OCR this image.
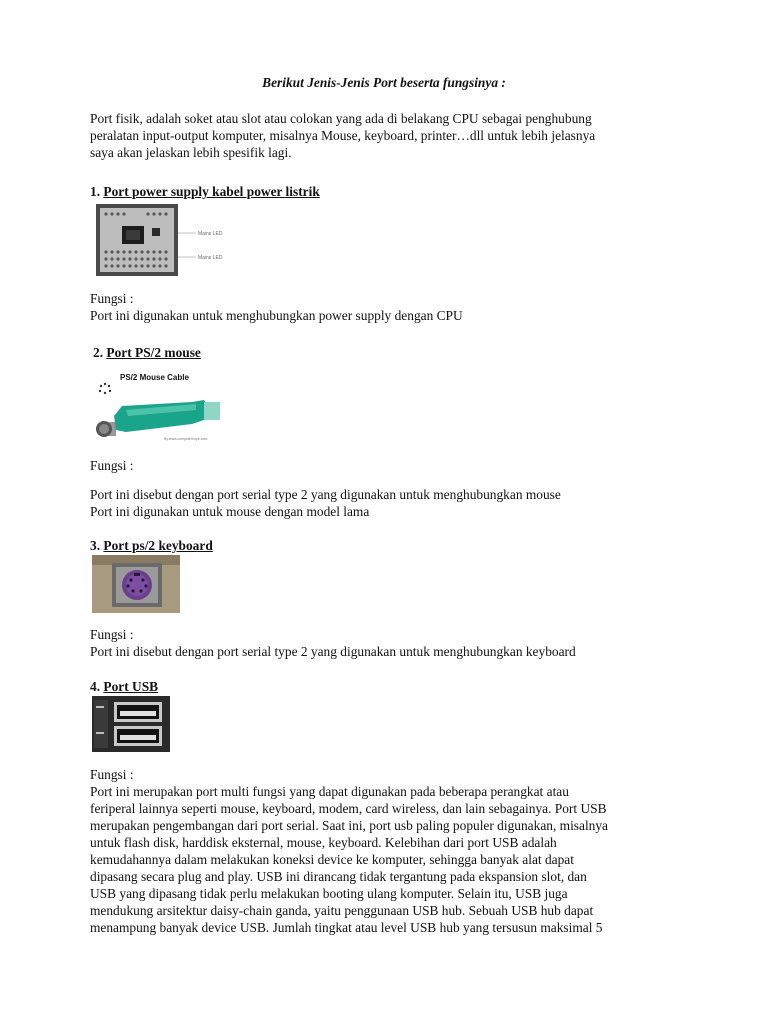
Berikut Jenis-Jenis Port beserta fungsinya :
Port fisik, adalah soket atau slot atau colokan yang ada di belakang CPU sebagai penghubung
peralatan input-output komputer, misalnya Mouse, keyboard, printer…dll untuk lebih jelasnya
saya akan jelaskan lebih spesifik lagi.
1. Port power supply kabel power listrik
Mains LED
Mains LED
Fungsi :
Port ini digunakan untuk menghubungkan power supply dengan CPU
2. Port PS/2 mouse
PS/2 Mouse Cable
By:www.computerhope.com
Fungsi :
Port ini disebut dengan port serial type 2 yang digunakan untuk menghubungkan mouse
Port ini digunakan untuk mouse dengan model lama
3. Port ps/2 keyboard
Fungsi :
Port ini disebut dengan port serial type 2 yang digunakan untuk menghubungkan keyboard
4. Port USB
Fungsi :
Port ini merupakan port multi fungsi yang dapat digunakan pada beberapa perangkat atau
feriperal lainnya seperti mouse, keyboard, modem, card wireless, dan lain sebagainya. Port USB
merupakan pengembangan dari port serial. Saat ini, port usb paling populer digunakan, misalnya
untuk flash disk, harddisk eksternal, mouse, keyboard. Kelebihan dari port USB adalah
kemudahannya dalam melakukan koneksi device ke komputer, sehingga banyak alat dapat
dipasang secara plug and play. USB ini dirancang tidak tergantung pada ekspansion slot, dan
USB yang dipasang tidak perlu melakukan booting ulang komputer. Selain itu, USB juga
mendukung arsitektur daisy-chain ganda, yaitu penggunaan USB hub. Sebuah USB hub dapat
menampung banyak device USB. Jumlah tingkat atau level USB hub yang tersusun maksimal 5
